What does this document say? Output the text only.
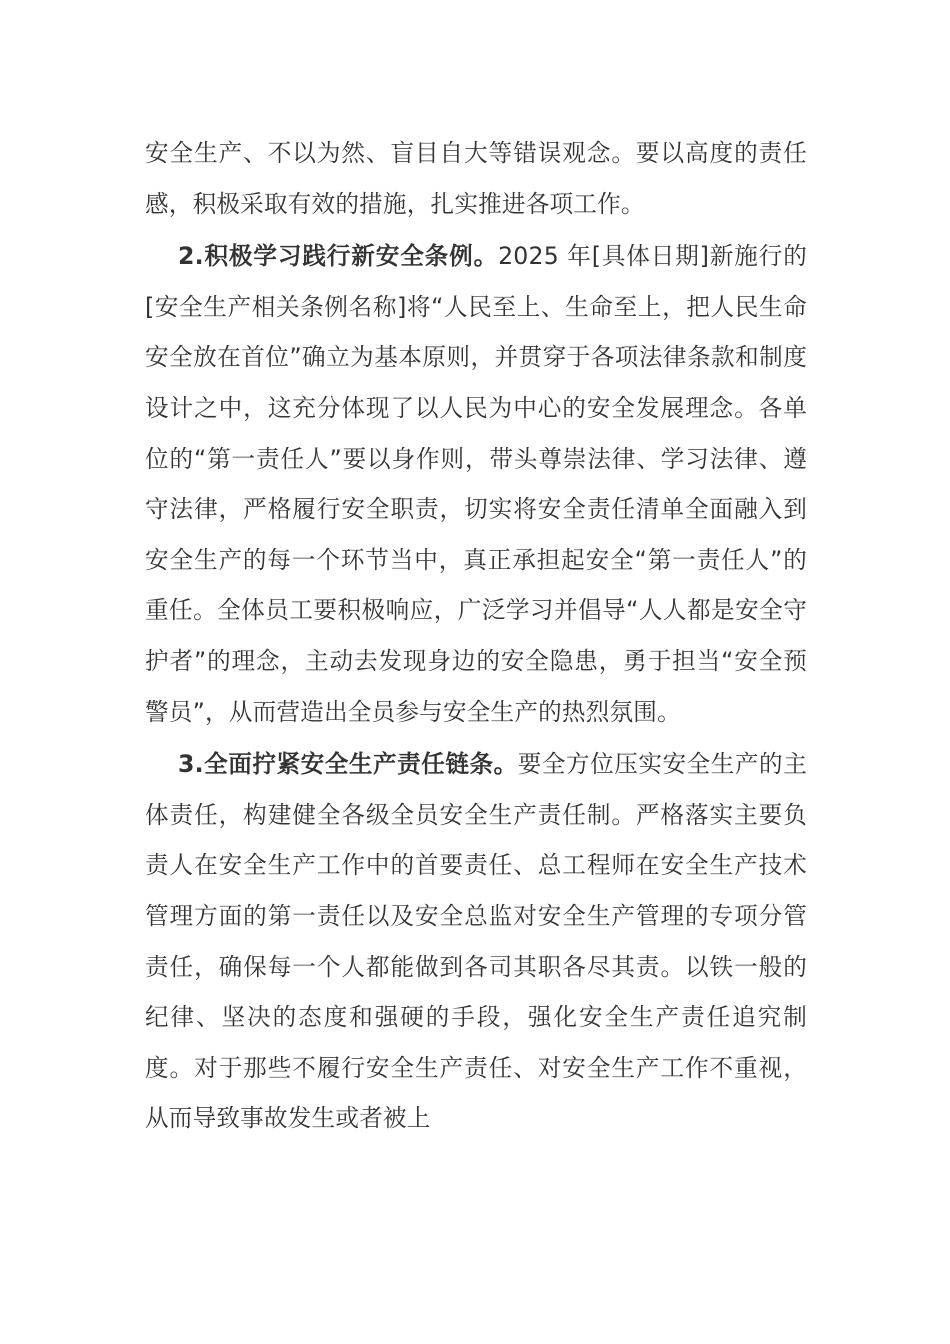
安全生产、不以为然、盲目自大等错误观念。要以高度的责任感，积极采取有效的措施，扎实推进各项工作。

2.积极学习践行新安全条例。2025 年[具体日期]新施行的[安全生产相关条例名称]将“人民至上、生命至上，把人民生命安全放在首位”确立为基本原则，并贯穿于各项法律条款和制度设计之中，这充分体现了以人民为中心的安全发展理念。各单位的“第一责任人”要以身作则，带头尊崇法律、学习法律、遵守法律，严格履行安全职责，切实将安全责任清单全面融入到安全生产的每一个环节当中，真正承担起安全“第一责任人”的重任。全体员工要积极响应，广泛学习并倡导“人人都是安全守护者”的理念，主动去发现身边的安全隐患，勇于担当“安全预警员”，从而营造出全员参与安全生产的热烈氛围。

3.全面拧紧安全生产责任链条。要全方位压实安全生产的主体责任，构建健全各级全员安全生产责任制。严格落实主要负责人在安全生产工作中的首要责任、总工程师在安全生产技术管理方面的第一责任以及安全总监对安全生产管理的专项分管责任，确保每一个人都能做到各司其职各尽其责。以铁一般的纪律、坚决的态度和强硬的手段，强化安全生产责任追究制度。对于那些不履行安全生产责任、对安全生产工作不重视，从而导致事故发生或者被上
